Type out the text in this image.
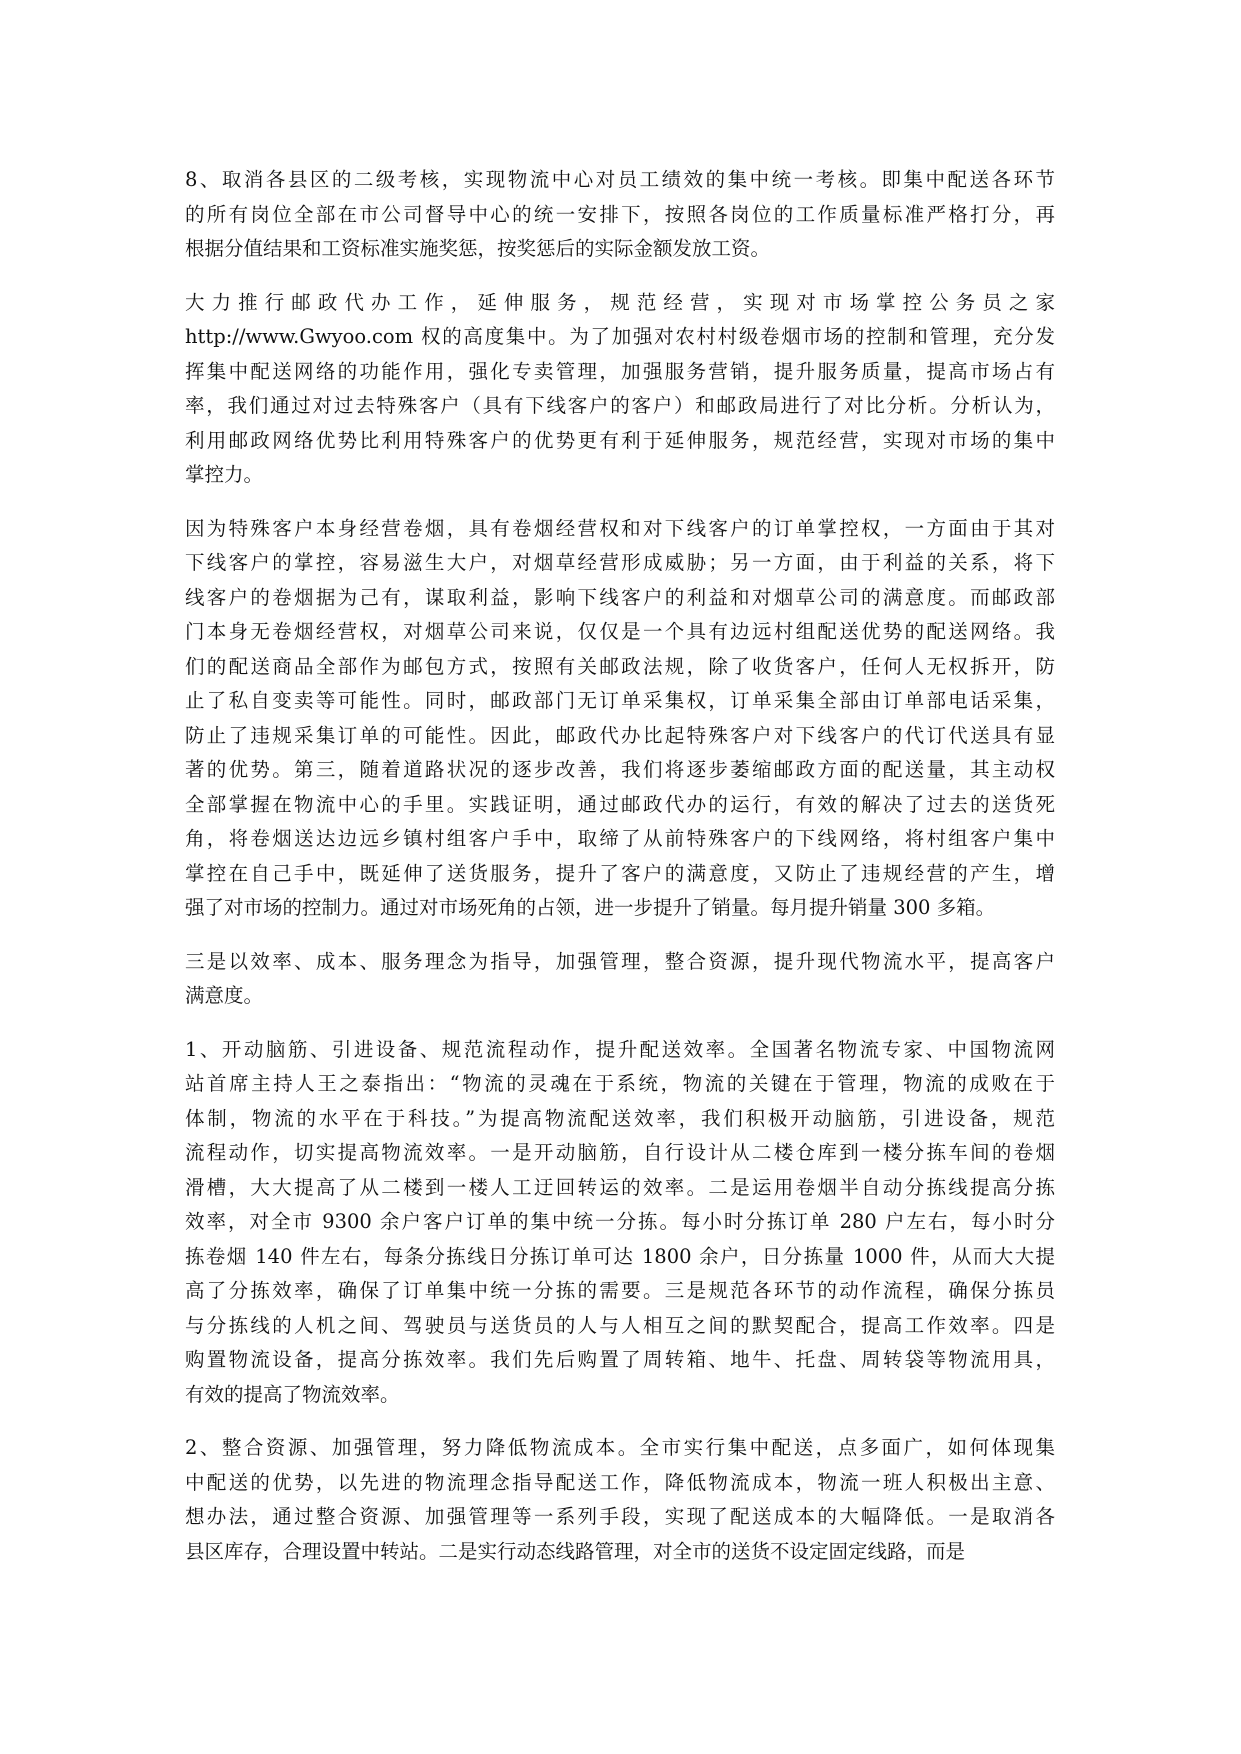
8、取消各县区的二级考核，实现物流中心对员工绩效的集中统一考核。即集中配送各环节
的所有岗位全部在市公司督导中心的统一安排下，按照各岗位的工作质量标准严格打分，再
根据分值结果和工资标准实施奖惩，按奖惩后的实际金额发放工资。
大力推行邮政代办工作，延伸服务，规范经营，实现对市场掌控公务员之家
http://www.Gwyoo.com 权的高度集中。为了加强对农村村级卷烟市场的控制和管理，充分发
挥集中配送网络的功能作用，强化专卖管理，加强服务营销，提升服务质量，提高市场占有
率，我们通过对过去特殊客户（具有下线客户的客户）和邮政局进行了对比分析。分析认为，
利用邮政网络优势比利用特殊客户的优势更有利于延伸服务，规范经营，实现对市场的集中
掌控力。
因为特殊客户本身经营卷烟，具有卷烟经营权和对下线客户的订单掌控权，一方面由于其对
下线客户的掌控，容易滋生大户，对烟草经营形成威胁；另一方面，由于利益的关系，将下
线客户的卷烟据为己有，谋取利益，影响下线客户的利益和对烟草公司的满意度。而邮政部
门本身无卷烟经营权，对烟草公司来说，仅仅是一个具有边远村组配送优势的配送网络。我
们的配送商品全部作为邮包方式，按照有关邮政法规，除了收货客户，任何人无权拆开，防
止了私自变卖等可能性。同时，邮政部门无订单采集权，订单采集全部由订单部电话采集，
防止了违规采集订单的可能性。因此，邮政代办比起特殊客户对下线客户的代订代送具有显
著的优势。第三，随着道路状况的逐步改善，我们将逐步萎缩邮政方面的配送量，其主动权
全部掌握在物流中心的手里。实践证明，通过邮政代办的运行，有效的解决了过去的送货死
角，将卷烟送达边远乡镇村组客户手中，取缔了从前特殊客户的下线网络，将村组客户集中
掌控在自己手中，既延伸了送货服务，提升了客户的满意度，又防止了违规经营的产生，增
强了对市场的控制力。通过对市场死角的占领，进一步提升了销量。每月提升销量 300 多箱。
三是以效率、成本、服务理念为指导，加强管理，整合资源，提升现代物流水平，提高客户
满意度。
1、开动脑筋、引进设备、规范流程动作，提升配送效率。全国著名物流专家、中国物流网
站首席主持人王之泰指出：“物流的灵魂在于系统，物流的关键在于管理，物流的成败在于
体制，物流的水平在于科技。”为提高物流配送效率，我们积极开动脑筋，引进设备，规范
流程动作，切实提高物流效率。一是开动脑筋，自行设计从二楼仓库到一楼分拣车间的卷烟
滑槽，大大提高了从二楼到一楼人工迂回转运的效率。二是运用卷烟半自动分拣线提高分拣
效率，对全市 9300 余户客户订单的集中统一分拣。每小时分拣订单 280 户左右，每小时分
拣卷烟 140 件左右，每条分拣线日分拣订单可达 1800 余户，日分拣量 1000 件，从而大大提
高了分拣效率，确保了订单集中统一分拣的需要。三是规范各环节的动作流程，确保分拣员
与分拣线的人机之间、驾驶员与送货员的人与人相互之间的默契配合，提高工作效率。四是
购置物流设备，提高分拣效率。我们先后购置了周转箱、地牛、托盘、周转袋等物流用具，
有效的提高了物流效率。
2、整合资源、加强管理，努力降低物流成本。全市实行集中配送，点多面广，如何体现集
中配送的优势，以先进的物流理念指导配送工作，降低物流成本，物流一班人积极出主意、
想办法，通过整合资源、加强管理等一系列手段，实现了配送成本的大幅降低。一是取消各
县区库存，合理设置中转站。二是实行动态线路管理，对全市的送货不设定固定线路，而是
